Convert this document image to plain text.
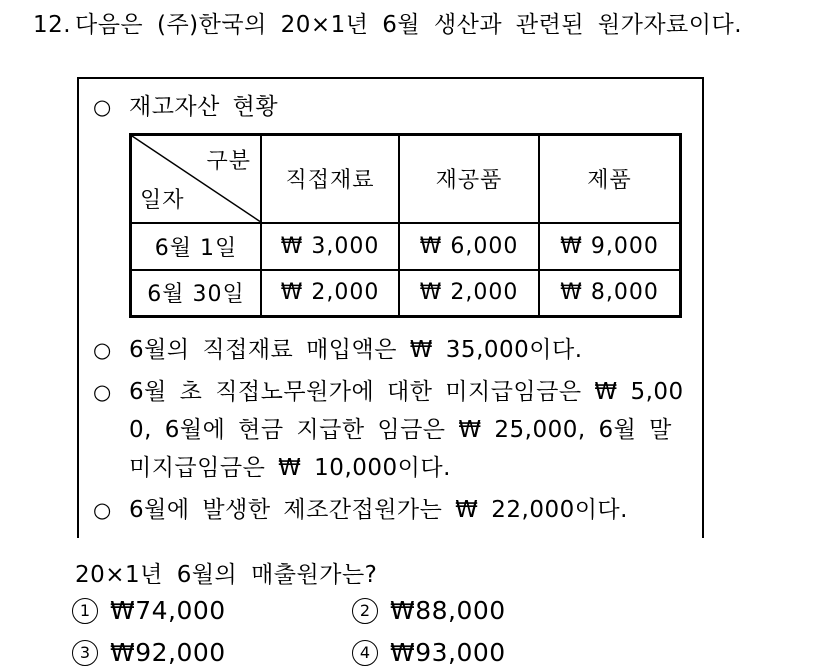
12. 다음은 (주)한국의 20×1년 6월 생산과 관련된 원가자료이다.
○ 재고자산 현황
구분
일자	직접재료	재공품	제품
6월 1일	₩ 3,000	₩ 6,000	₩ 9,000
6월 30일	₩ 2,000	₩ 2,000	₩ 8,000
○ 6월의 직접재료 매입액은 ₩ 35,000이다.
○ 6월 초 직접노무원가에 대한 미지급임금은 ₩ 5,000, 6월에 현금 지급한 임금은 ₩ 25,000, 6월 말 미지급임금은 ₩ 10,000이다.
○ 6월에 발생한 제조간접원가는 ₩ 22,000이다.
20×1년 6월의 매출원가는?
1 ₩74,000	2 ₩88,000
3 ₩92,000	4 ₩93,000
